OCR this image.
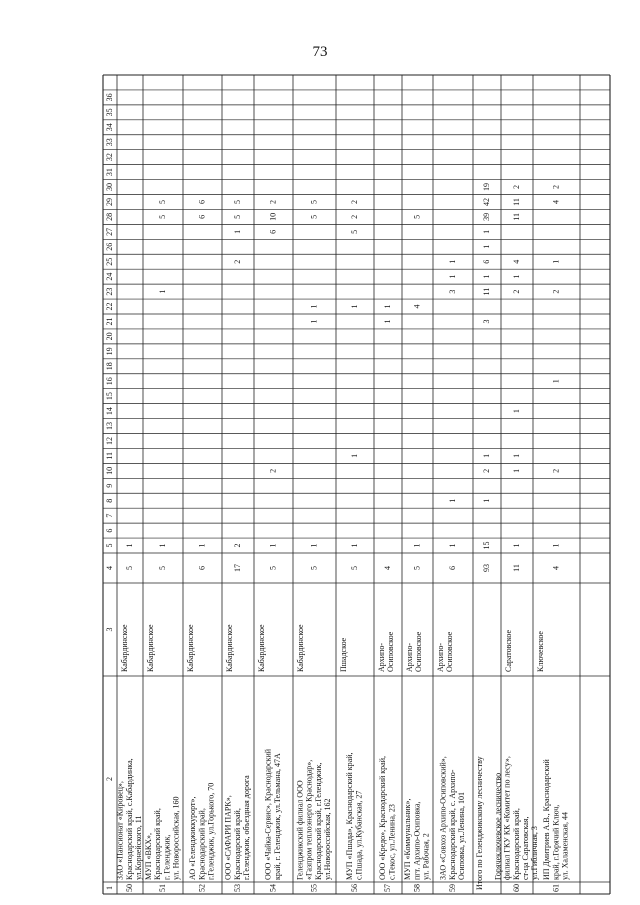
73
1
2
3
4
5
6
7
8
9
10
11
12
13
14
15
16
18
19
20
21
22
23
24
25
26
27
28
29
30
31
32
33
34
35
36
50
ЗАО «Пансионат «Кировец», Краснодарский край, с.Кабардинка, ул.Корнейского, 11
Кабардинское
5
1
51
МУП «ВКХ», Краснодарский край, г. Геленджик, ул. Новороссийская, 160
Кабардинское
5
1
1
5
5
52
АО «Геленджиккурорт», Краснодарский край, г.Геленджик, ул.Горького, 70
Кабардинское
6
1
6
6
53
ООО «САФАРИ ПАРК», Краснодарский край, г.Геленджик, объездная дорога
Кабардинское
17
2
2
1
5
5
54
ООО «Чайка-Сервис», Краснодарский край, г. Геленджик, ул.Тельмана, 47А
Кабардинское
5
1
2
6
10
2
55
Геленджикский филиал ООО «Газпром теплоэнерго Краснодар», Краснодарский край, г.Геленджик, ул.Новороссийская, 162
Кабардинское
5
1
1
1
5
5
56
МУП «Пшада», Краснодарский край, с.Пшада, ул.Кубанская, 27
Пшадское
5
1
1
1
5
2
2
57
ООО «Кредо», Краснодарский край, с.Текос, ул.Ленина, 23
Архипо- Осиповское
4
1
1
58
МУП «Коммунальник», пгт. Архипо-Осиповка, ул. Рабочая, 2
Архипо- Осиповское
5
1
4
5
59
ЗАО «Совхоз Архипо-Осиповский», Краснодарский край, с. Архипо- Осиповка, ул.Ленина, 101
Архипо- Осиповское
6
1
1
3
1
1
Итого по Геленджикскому лесничеству
93
15
1
2
1
3
11
1
6
1
1
39
42
19
60
Горячеключевское лесничество филиал ГКУ КК «Комитет по лесу», Краснодарский край, ст-ца Саратовская, ул.Гибличная, 3
Саратовское
11
1
1
1
1
2
1
4
11
11
2
61
ИП Дмитриев А.В., Краснодарский край, г.Горячий Ключ, ул. Халаменская, 44
Ключевское
4
1
2
1
2
1
4
2
